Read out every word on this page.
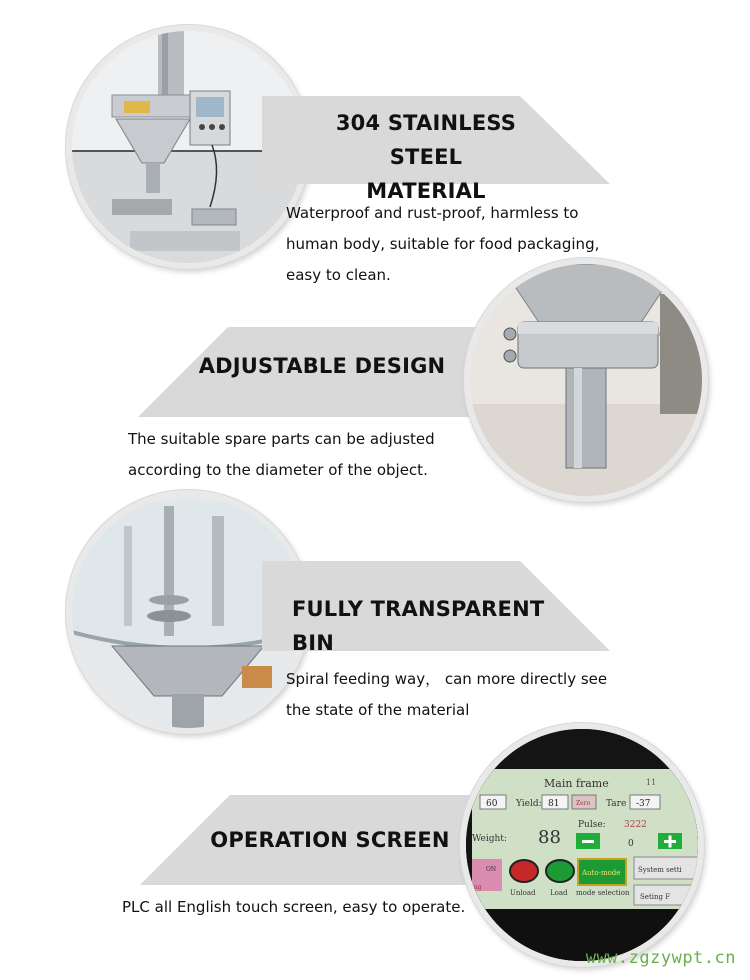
304 STAINLESS STEEL
MATERIAL
Waterproof and rust-proof, harmless to
human body, suitable for food packaging,
easy to clean.
ADJUSTABLE DESIGN
The suitable spare parts can be adjusted
according to the diameter of the object.
FULLY TRANSPARENT BIN
Spiral feeding way， can more directly see
the state of the material
OPERATION SCREEN
Main frame	11
60 Yield: 81	Zero Tare -37
Weight: 88
Pulse: 3222
0
ON
ing
Unload Load
Auto-mode
mode selection
System setti
Seting F
PLC all English touch screen, easy to operate.
www.zgzywpt.cn
